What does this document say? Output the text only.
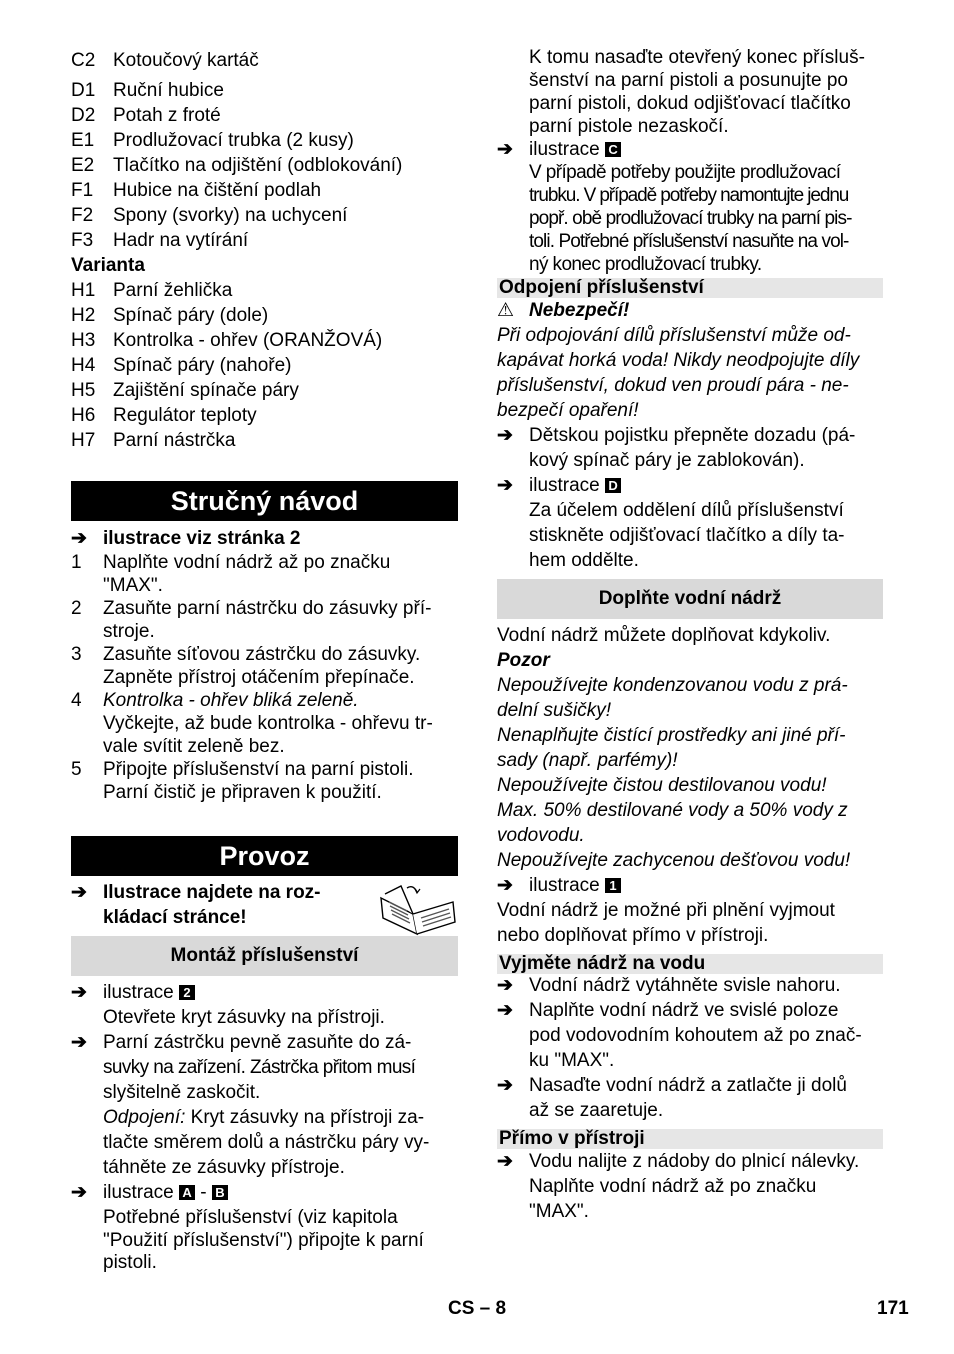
C2 Kotoučový kartáč
D1 Ruční hubice
D2 Potah z froté
E1 Prodlužovací trubka (2 kusy)
E2 Tlačítko na odjištění (odblokování)
F1 Hubice na čištění podlah
F2 Spony (svorky) na uchycení
F3 Hadr na vytírání
Varianta
H1 Parní žehlička
H2 Spínač páry (dole)
H3 Kontrolka - ohřev (ORANŽOVÁ)
H4 Spínač páry (nahoře)
H5 Zajištění spínače páry
H6 Regulátor teploty
H7 Parní nástrčka
Stručný návod
➔ ilustrace viz stránka 2
1 Naplňte vodní nádrž až po značku
"MAX".
2 Zasuňte parní nástrčku do zásuvky pří-
stroje.
3 Zasuňte síťovou zástrčku do zásuvky.
Zapněte přístroj otáčením přepínače.
4 Kontrolka - ohřev bliká zeleně.
Vyčkejte, až bude kontrolka - ohřevu tr-
vale svítit zeleně bez.
5 Připojte příslušenství na parní pistoli.
Parní čistič je připraven k použití.
Provoz
➔ Ilustrace najdete na roz-
kládací stránce!
Montáž příslušenství
➔ ilustrace 2
Otevřete kryt zásuvky na přístroji.
➔ Parní zástrčku pevně zasuňte do zá-
suvky na zařízení. Zástrčka přitom musí
slyšitelně zaskočit.
Odpojení: Kryt zásuvky na přístroji za-
tlačte směrem dolů a nástrčku páry vy-
táhněte ze zásuvky přístroje.
➔ ilustrace A - B
Potřebné příslušenství (viz kapitola
"Použití příslušenství") připojte k parní
pistoli.
K tomu nasaďte otevřený konec přísluš-
šenství na parní pistoli a posunujte po
parní pistoli, dokud odjišťovací tlačítko
parní pistole nezaskočí.
➔ ilustrace C
V případě potřeby použijte prodlužovací
trubku. V případě potřeby namontujte jednu
popř. obě prodlužovací trubky na parní pis-
toli. Potřebné příslušenství nasuňte na vol-
ný konec prodlužovací trubky.
Odpojení příslušenství
⚠ Nebezpečí!
Při odpojování dílů příslušenství může od-
kapávat horká voda! Nikdy neodpojujte díly
příslušenství, dokud ven proudí pára - ne-
bezpečí opaření!
➔ Dětskou pojistku přepněte dozadu (pá-
kový spínač páry je zablokován).
➔ ilustrace D
Za účelem oddělení dílů příslušenství
stiskněte odjišťovací tlačítko a díly ta-
hem oddělte.
Doplňte vodní nádrž
Vodní nádrž můžete doplňovat kdykoliv.
Pozor
Nepoužívejte kondenzovanou vodu z prá-
delní sušičky!
Nenaplňujte čistící prostředky ani jiné pří-
sady (např. parfémy)!
Nepoužívejte čistou destilovanou vodu!
Max. 50% destilované vody a 50% vody z
vodovodu.
Nepoužívejte zachycenou dešťovou vodu!
➔ ilustrace 1
Vodní nádrž je možné při plnění vyjmout
nebo doplňovat přímo v přístroji.
Vyjměte nádrž na vodu
➔ Vodní nádrž vytáhněte svisle nahoru.
➔ Naplňte vodní nádrž ve svislé poloze
pod vodovodním kohoutem až po znač-
ku "MAX".
➔ Nasaďte vodní nádrž a zatlačte ji dolů
až se zaaretuje.
Přímo v přístroji
➔ Vodu nalijte z nádoby do plnicí nálevky.
Naplňte vodní nádrž až po značku
"MAX".
CS – 8	171
